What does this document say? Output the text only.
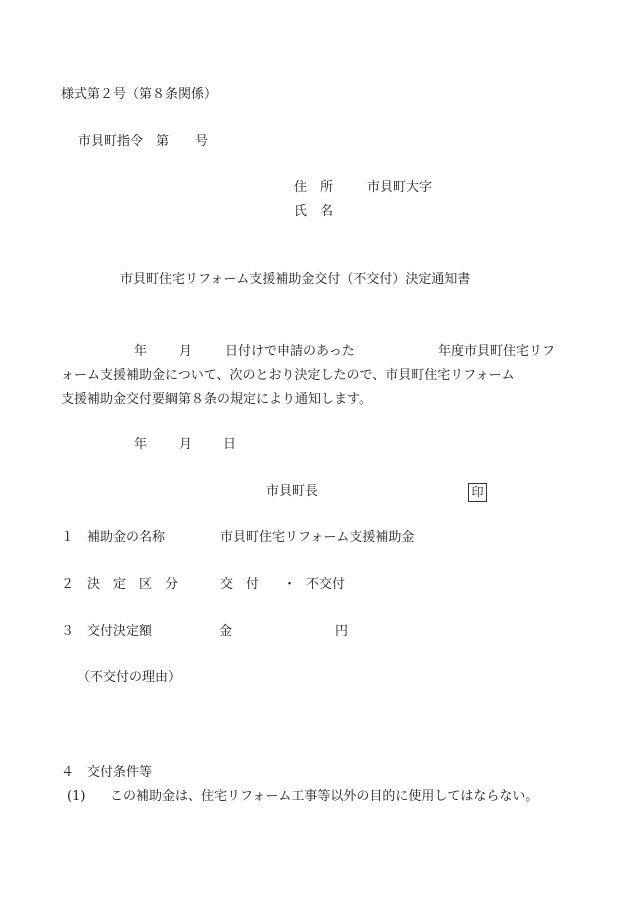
様式第２号（第８条関係）
市貝町指令　第　　号
住　所	市貝町大字
氏　名
市貝町住宅リフォーム支援補助金交付（不交付）決定通知書
年 月	日付けで申請のあった	年度市貝町住宅リフ
ォーム支援補助金について、次のとおり決定したので、市貝町住宅リフォーム
支援補助金交付要綱第８条の規定により通知します。
年 月 日
市貝町長	印
１　補助金の名称	市貝町住宅リフォーム支援補助金
２　決　定　区　分	交　付 ・ 不交付
３　交付決定額	金	円
（不交付の理由）
４　交付条件等
(1) この補助金は、住宅リフォーム工事等以外の目的に使用してはならない。
